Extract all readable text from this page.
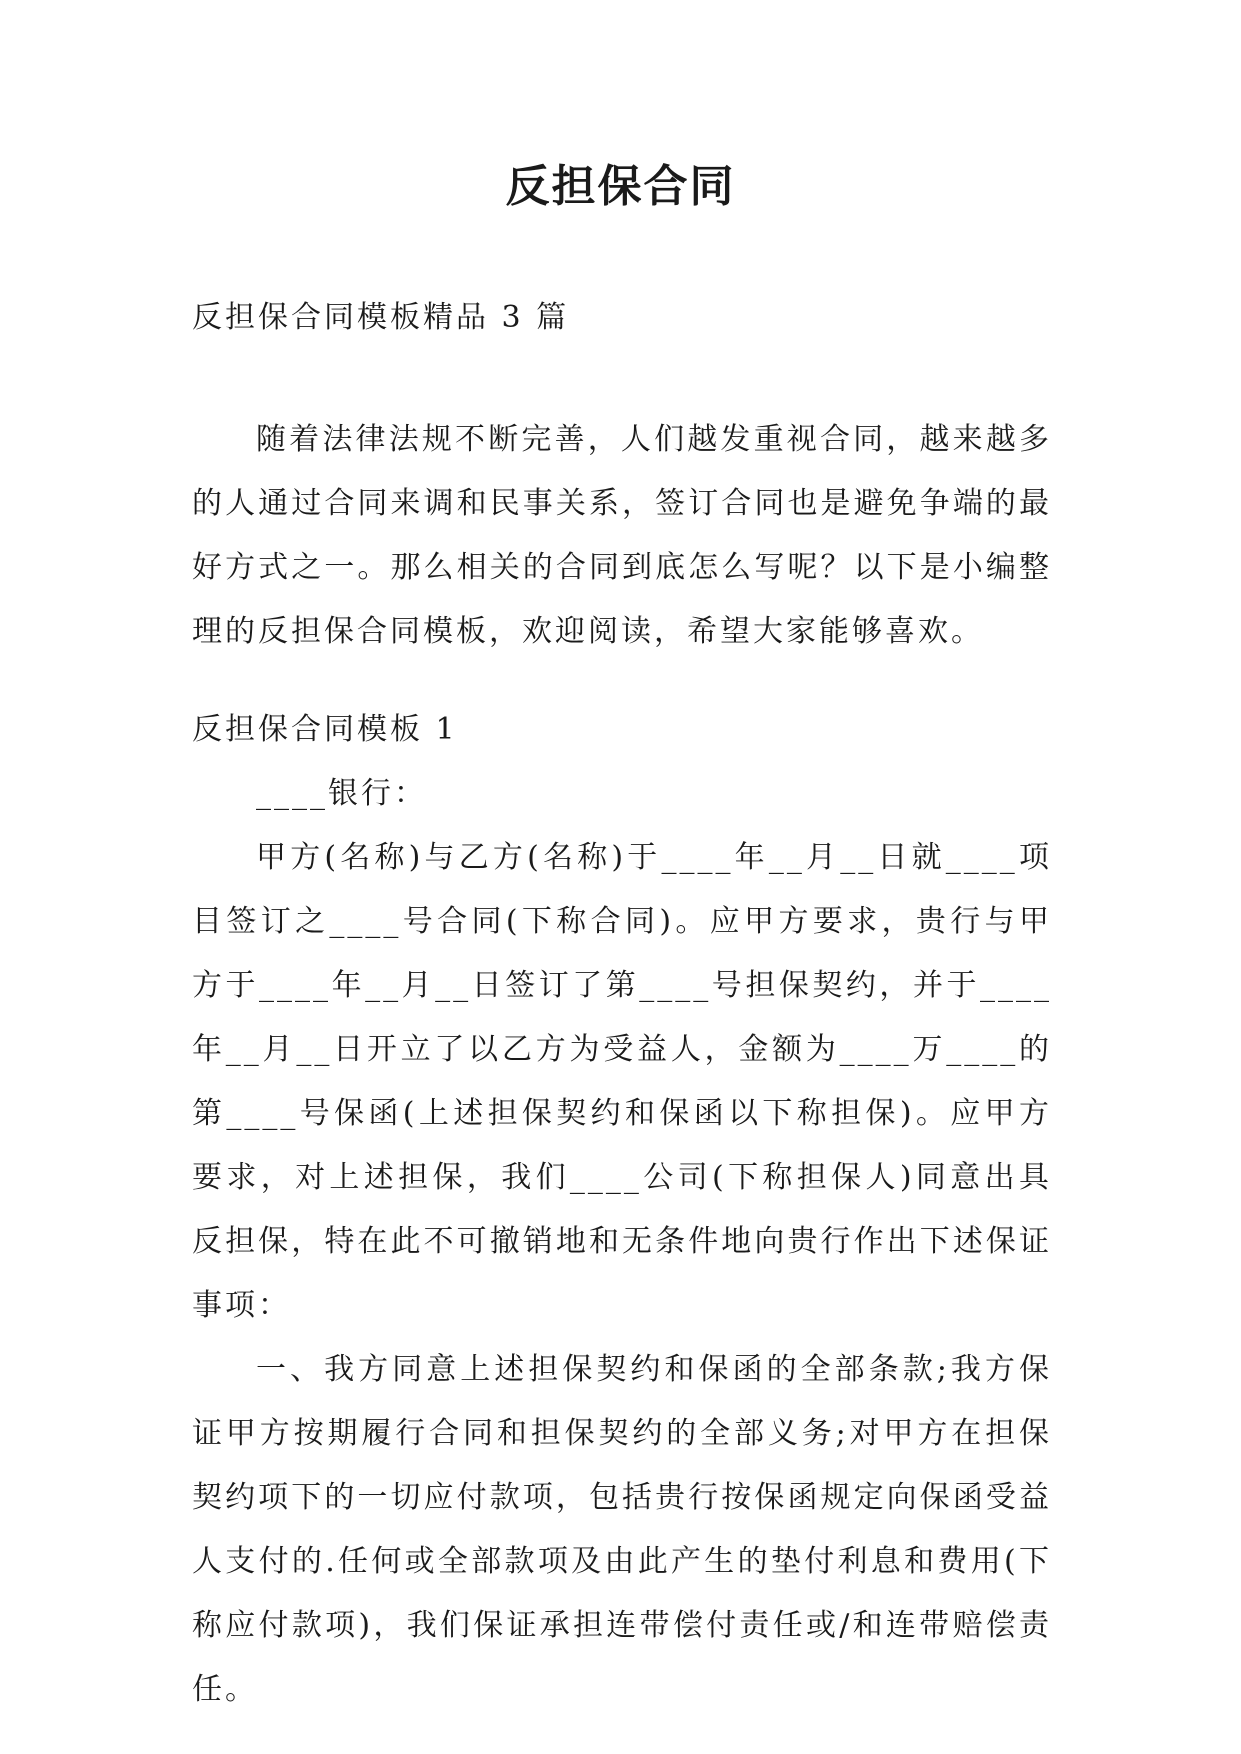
反担保合同

反担保合同模板精品 3 篇

随着法律法规不断完善，人们越发重视合同，越来越多的人通过合同来调和民事关系，签订合同也是避免争端的最好方式之一。那么相关的合同到底怎么写呢？以下是小编整理的反担保合同模板，欢迎阅读，希望大家能够喜欢。

反担保合同模板 1

____银行：

甲方(名称)与乙方(名称)于____年__月__日就____项目签订之____号合同(下称合同)。应甲方要求，贵行与甲方于____年__月__日签订了第____号担保契约，并于____年__月__日开立了以乙方为受益人，金额为____万____的第____号保函(上述担保契约和保函以下称担保)。应甲方要求，对上述担保，我们____公司(下称担保人)同意出具反担保，特在此不可撤销地和无条件地向贵行作出下述保证事项：

一、我方同意上述担保契约和保函的全部条款;我方保证甲方按期履行合同和担保契约的全部义务;对甲方在担保契约项下的一切应付款项，包括贵行按保函规定向保函受益人支付的.任何或全部款项及由此产生的垫付利息和费用(下称应付款项)，我们保证承担连带偿付责任或/和连带赔偿责任。
